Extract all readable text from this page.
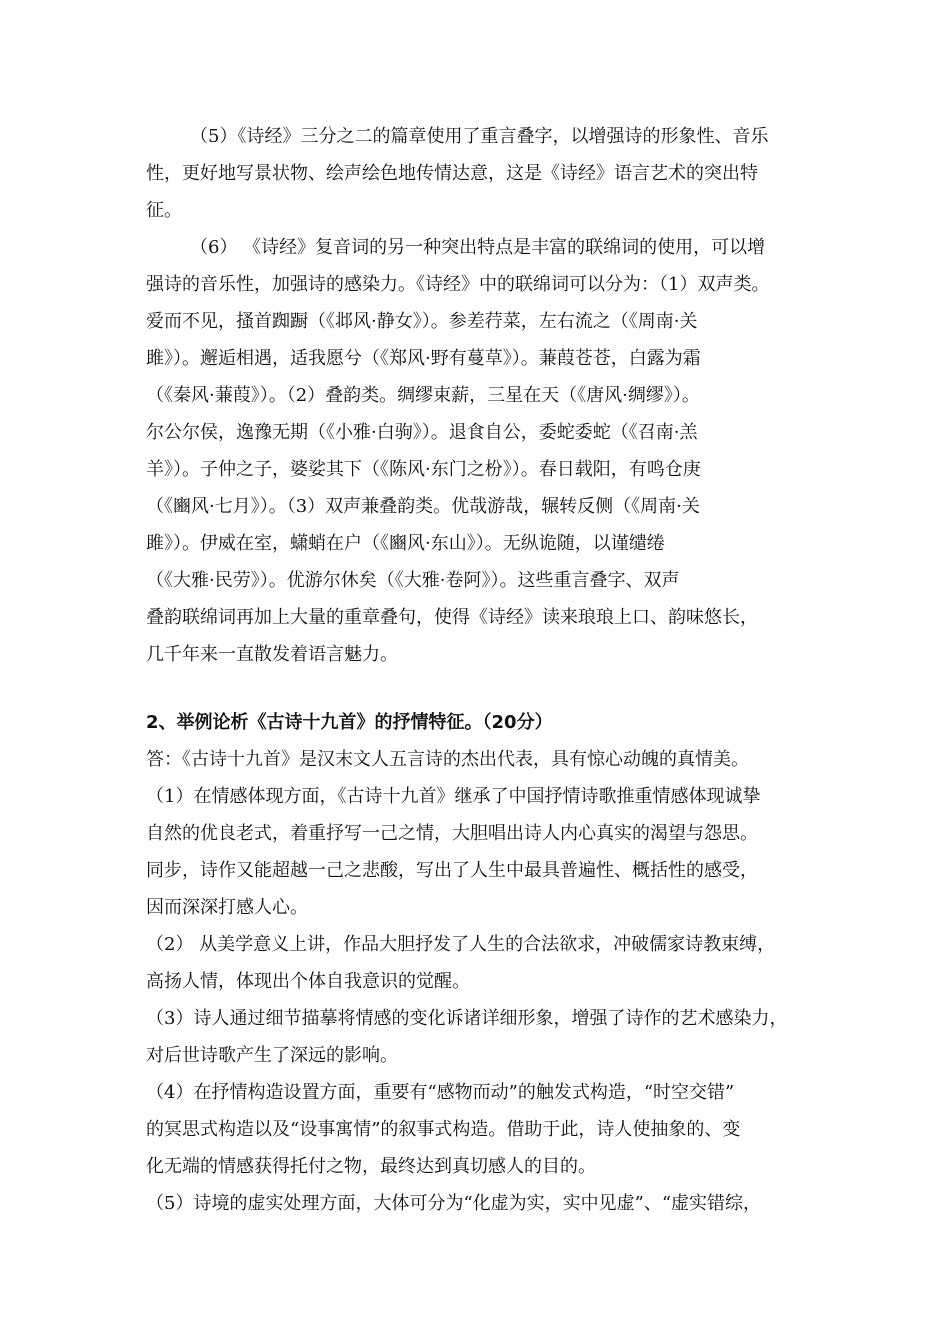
（5）《诗经》三分之二的篇章使用了重言叠字，以增强诗的形象性、音乐
性，更好地写景状物、绘声绘色地传情达意，这是《诗经》语言艺术的突出特
征。
（6） 《诗经》复音词的另一种突出特点是丰富的联绵词的使用，可以增
强诗的音乐性，加强诗的感染力。《诗经》中的联绵词可以分为：（1）双声类。
爱而不见，搔首踟蹰（《邶风·静女》）。参差荇菜，左右流之（《周南·关
雎》）。邂逅相遇，适我愿兮（《郑风·野有蔓草》）。蒹葭苍苍，白露为霜
（《秦风·蒹葭》）。（2）叠韵类。绸缪束薪，三星在天（《唐风·绸缪》）。
尔公尔侯，逸豫无期（《小雅·白驹》）。退食自公，委蛇委蛇（《召南·羔
羊》）。子仲之子，婆娑其下（《陈风·东门之枌》）。春日载阳，有鸣仓庚
（《豳风·七月》）。（3）双声兼叠韵类。优哉游哉，辗转反侧（《周南·关
雎》）。伊威在室，蟏蛸在户（《豳风·东山》）。无纵诡随，以谨缱绻
（《大雅·民劳》）。优游尔休矣（《大雅·卷阿》）。这些重言叠字、双声
叠韵联绵词再加上大量的重章叠句，使得《诗经》读来琅琅上口、韵味悠长，
几千年来一直散发着语言魅力。
2、举例论析《古诗十九首》的抒情特征。（20分）
答：《古诗十九首》是汉末文人五言诗的杰出代表，具有惊心动魄的真情美。
（1）在情感体现方面，《古诗十九首》继承了中国抒情诗歌推重情感体现诚挚
自然的优良老式，着重抒写一己之情，大胆唱出诗人内心真实的渴望与怨思。
同步，诗作又能超越一己之悲酸，写出了人生中最具普遍性、概括性的感受，
因而深深打感人心。
（2） 从美学意义上讲，作品大胆抒发了人生的合法欲求，冲破儒家诗教束缚，
高扬人情，体现出个体自我意识的觉醒。
（3）诗人通过细节描摹将情感的变化诉诸详细形象，增强了诗作的艺术感染力，
对后世诗歌产生了深远的影响。
（4）在抒情构造设置方面，重要有“感物而动”的触发式构造，“时空交错”
的冥思式构造以及“设事寓情”的叙事式构造。借助于此，诗人使抽象的、变
化无端的情感获得托付之物，最终达到真切感人的目的。
（5）诗境的虚实处理方面，大体可分为“化虚为实，实中见虚”、“虚实错综，
